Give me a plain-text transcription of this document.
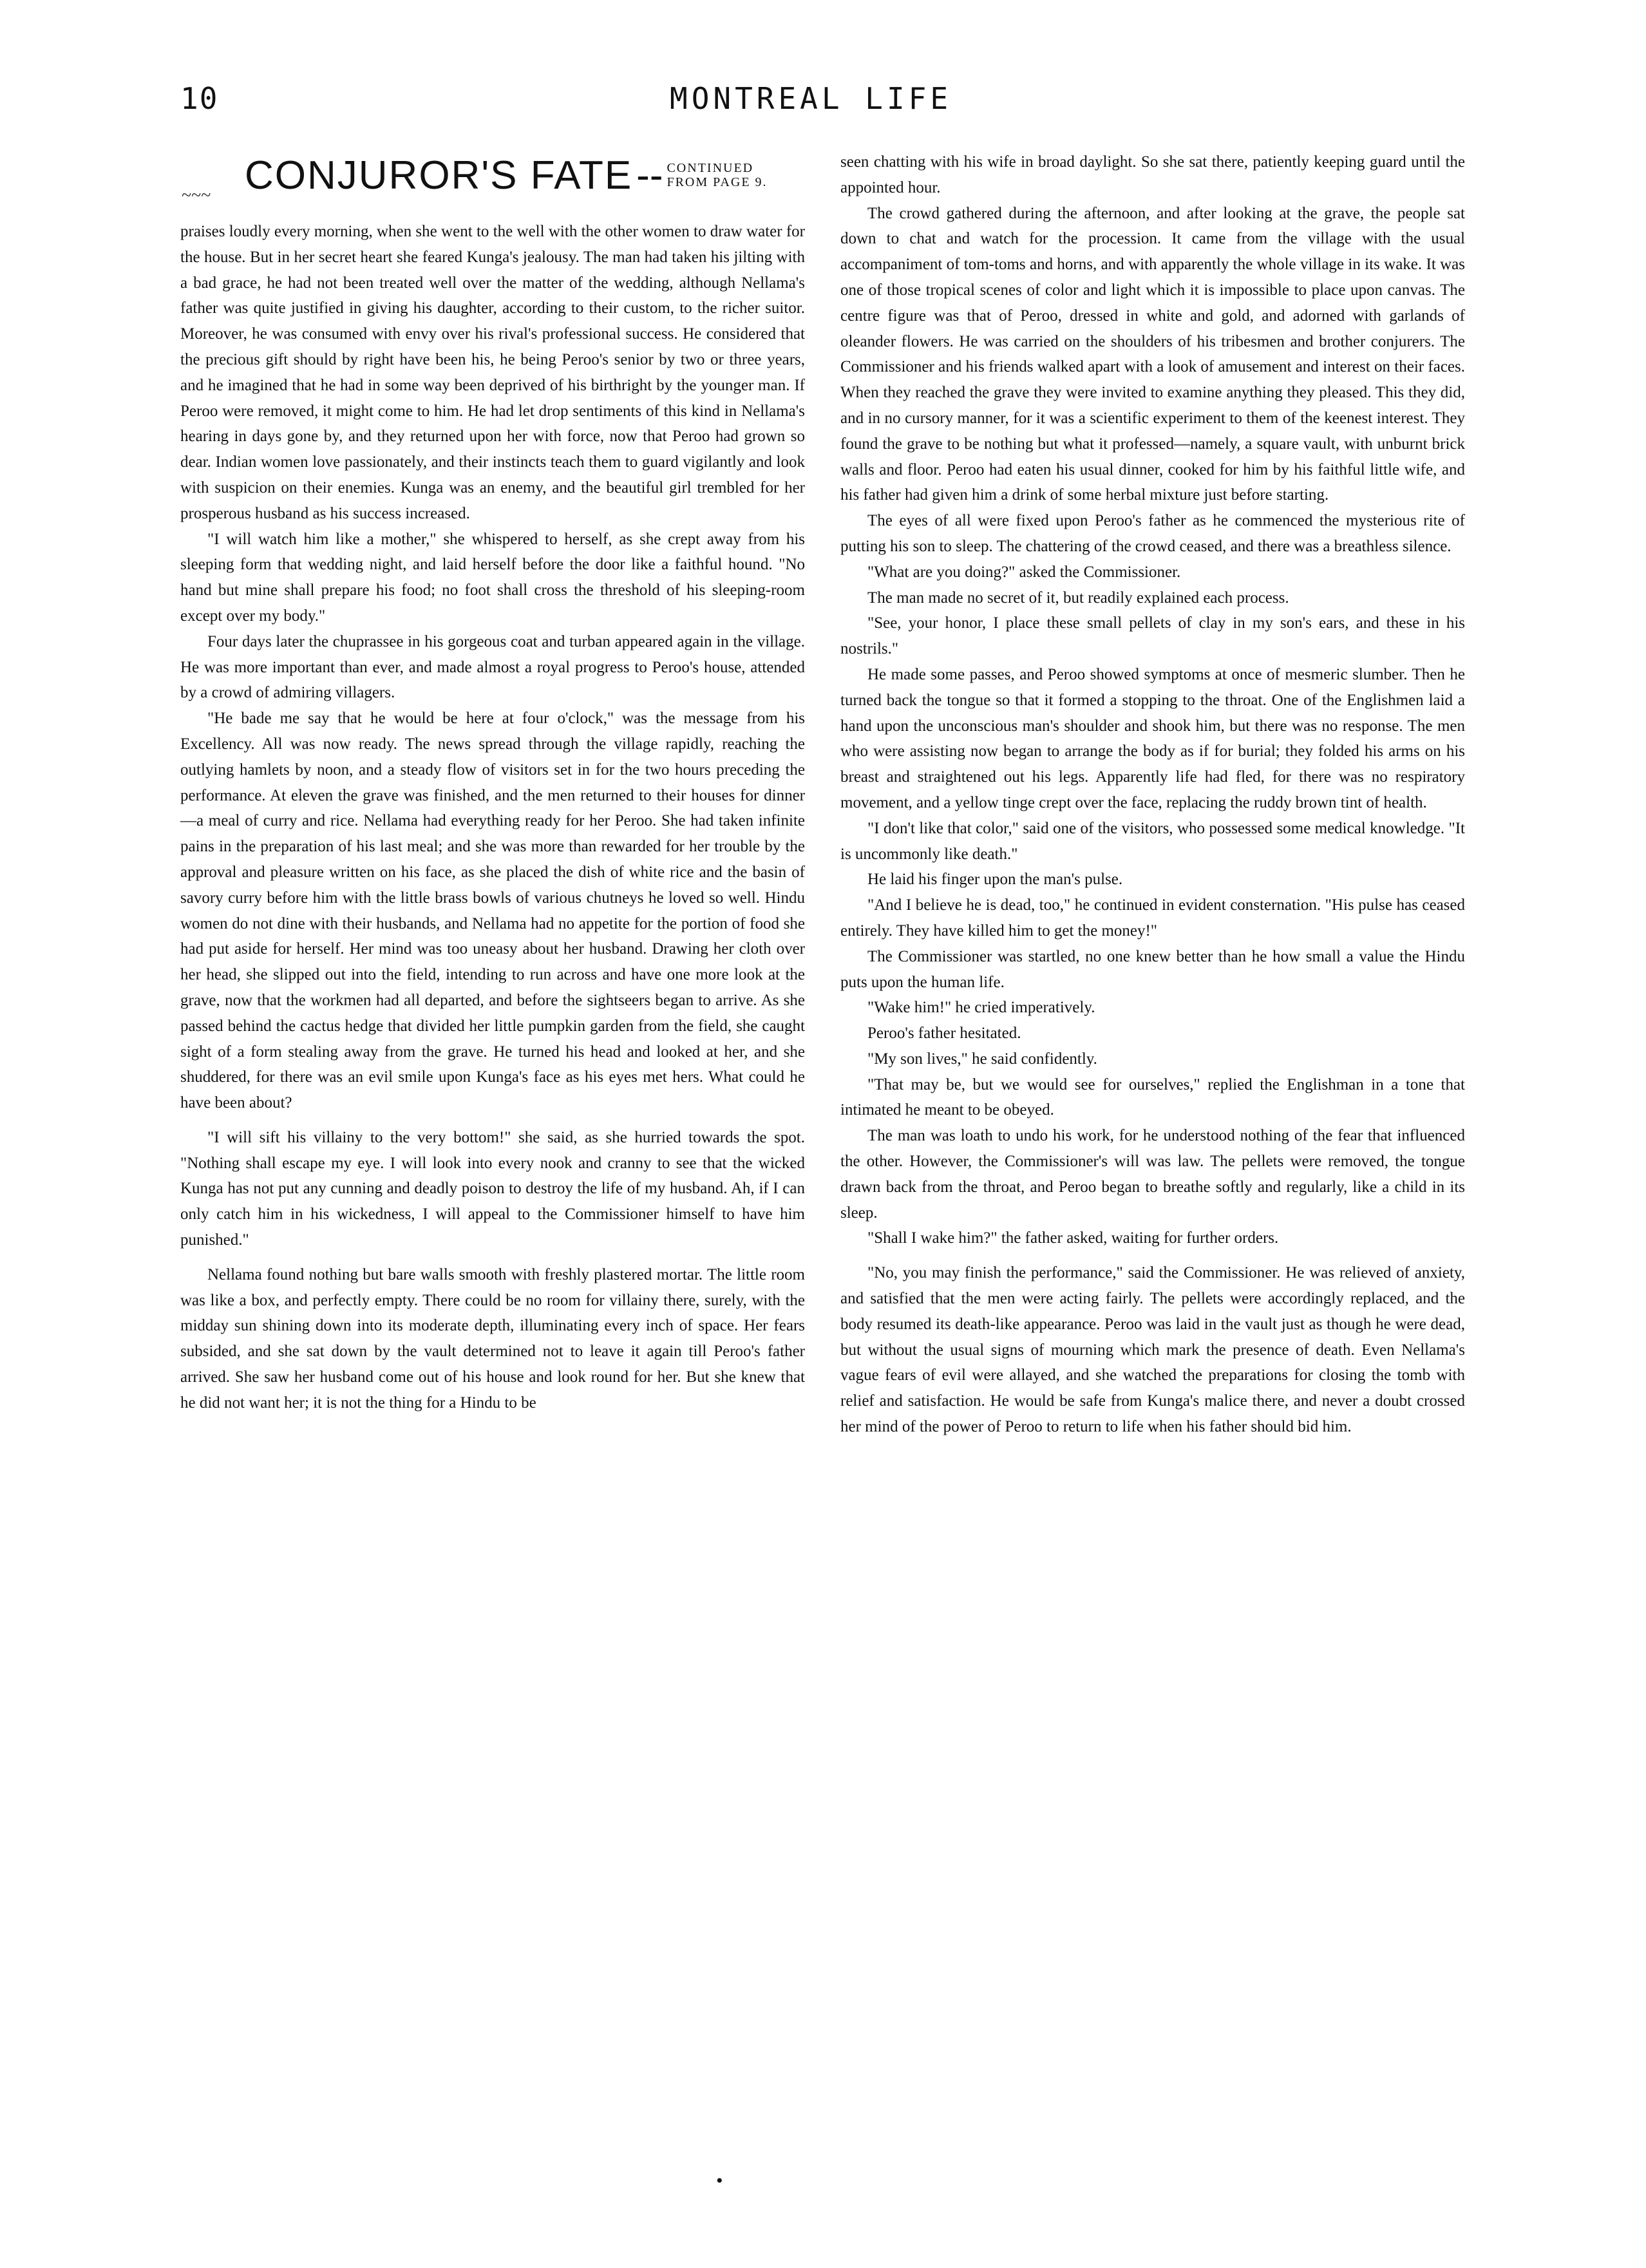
10	MONTREAL LIFE
CONJUROR'S FATE -- CONTINUED
FROM PAGE 9.
~~~

praises loudly every morning, when she went to the well with the other women to draw water for the house. But in her secret heart she feared Kunga's jealousy. The man had taken his jilting with a bad grace, he had not been treated well over the matter of the wedding, although Nellama's father was quite justified in giving his daughter, according to their custom, to the richer suitor. Moreover, he was consumed with envy over his rival's professional success. He considered that the precious gift should by right have been his, he being Peroo's senior by two or three years, and he imagined that he had in some way been deprived of his birthright by the younger man. If Peroo were removed, it might come to him. He had let drop sentiments of this kind in Nellama's hearing in days gone by, and they returned upon her with force, now that Peroo had grown so dear. Indian women love passionately, and their instincts teach them to guard vigilantly and look with suspicion on their enemies. Kunga was an enemy, and the beautiful girl trembled for her prosperous husband as his success increased.

"I will watch him like a mother," she whispered to herself, as she crept away from his sleeping form that wedding night, and laid herself before the door like a faithful hound. "No hand but mine shall prepare his food; no foot shall cross the threshold of his sleeping-room except over my body."

Four days later the chuprassee in his gorgeous coat and turban appeared again in the village. He was more important than ever, and made almost a royal progress to Peroo's house, attended by a crowd of admiring villagers.

"He bade me say that he would be here at four o'clock," was the message from his Excellency. All was now ready. The news spread through the village rapidly, reaching the outlying hamlets by noon, and a steady flow of visitors set in for the two hours preceding the performance. At eleven the grave was finished, and the men returned to their houses for dinner—a meal of curry and rice. Nellama had everything ready for her Peroo. She had taken infinite pains in the preparation of his last meal; and she was more than rewarded for her trouble by the approval and pleasure written on his face, as she placed the dish of white rice and the basin of savory curry before him with the little brass bowls of various chutneys he loved so well. Hindu women do not dine with their husbands, and Nellama had no appetite for the portion of food she had put aside for herself. Her mind was too uneasy about her husband. Drawing her cloth over her head, she slipped out into the field, intending to run across and have one more look at the grave, now that the workmen had all departed, and before the sightseers began to arrive. As she passed behind the cactus hedge that divided her little pumpkin garden from the field, she caught sight of a form stealing away from the grave. He turned his head and looked at her, and she shuddered, for there was an evil smile upon Kunga's face as his eyes met hers. What could he have been about?

"I will sift his villainy to the very bottom!" she said, as she hurried towards the spot. "Nothing shall escape my eye. I will look into every nook and cranny to see that the wicked Kunga has not put any cunning and deadly poison to destroy the life of my husband. Ah, if I can only catch him in his wickedness, I will appeal to the Commissioner himself to have him punished."

Nellama found nothing but bare walls smooth with freshly plastered mortar. The little room was like a box, and perfectly empty. There could be no room for villainy there, surely, with the midday sun shining down into its moderate depth, illuminating every inch of space. Her fears subsided, and she sat down by the vault determined not to leave it again till Peroo's father arrived. She saw her husband come out of his house and look round for her. But she knew that he did not want her; it is not the thing for a Hindu to be

seen chatting with his wife in broad daylight. So she sat there, patiently keeping guard until the appointed hour.

The crowd gathered during the afternoon, and after looking at the grave, the people sat down to chat and watch for the procession. It came from the village with the usual accompaniment of tom-toms and horns, and with apparently the whole village in its wake. It was one of those tropical scenes of color and light which it is impossible to place upon canvas. The centre figure was that of Peroo, dressed in white and gold, and adorned with garlands of oleander flowers. He was carried on the shoulders of his tribesmen and brother conjurers. The Commissioner and his friends walked apart with a look of amusement and interest on their faces. When they reached the grave they were invited to examine anything they pleased. This they did, and in no cursory manner, for it was a scientific experiment to them of the keenest interest. They found the grave to be nothing but what it professed—namely, a square vault, with unburnt brick walls and floor. Peroo had eaten his usual dinner, cooked for him by his faithful little wife, and his father had given him a drink of some herbal mixture just before starting.

The eyes of all were fixed upon Peroo's father as he commenced the mysterious rite of putting his son to sleep. The chattering of the crowd ceased, and there was a breathless silence.

"What are you doing?" asked the Commissioner.

The man made no secret of it, but readily explained each process.

"See, your honor, I place these small pellets of clay in my son's ears, and these in his nostrils."

He made some passes, and Peroo showed symptoms at once of mesmeric slumber. Then he turned back the tongue so that it formed a stopping to the throat. One of the Englishmen laid a hand upon the unconscious man's shoulder and shook him, but there was no response. The men who were assisting now began to arrange the body as if for burial; they folded his arms on his breast and straightened out his legs. Apparently life had fled, for there was no respiratory movement, and a yellow tinge crept over the face, replacing the ruddy brown tint of health.

"I don't like that color," said one of the visitors, who possessed some medical knowledge. "It is uncommonly like death."

He laid his finger upon the man's pulse.

"And I believe he is dead, too," he continued in evident consternation. "His pulse has ceased entirely. They have killed him to get the money!"

The Commissioner was startled, no one knew better than he how small a value the Hindu puts upon the human life.

"Wake him!" he cried imperatively.

Peroo's father hesitated.

"My son lives," he said confidently.

"That may be, but we would see for ourselves," replied the Englishman in a tone that intimated he meant to be obeyed.

The man was loath to undo his work, for he understood nothing of the fear that influenced the other. However, the Commissioner's will was law. The pellets were removed, the tongue drawn back from the throat, and Peroo began to breathe softly and regularly, like a child in its sleep.

"Shall I wake him?" the father asked, waiting for further orders.

"No, you may finish the performance," said the Commissioner. He was relieved of anxiety, and satisfied that the men were acting fairly. The pellets were accordingly replaced, and the body resumed its death-like appearance. Peroo was laid in the vault just as though he were dead, but without the usual signs of mourning which mark the presence of death. Even Nellama's vague fears of evil were allayed, and she watched the preparations for closing the tomb with relief and satisfaction. He would be safe from Kunga's malice there, and never a doubt crossed her mind of the power of Peroo to return to life when his father should bid him.

•
